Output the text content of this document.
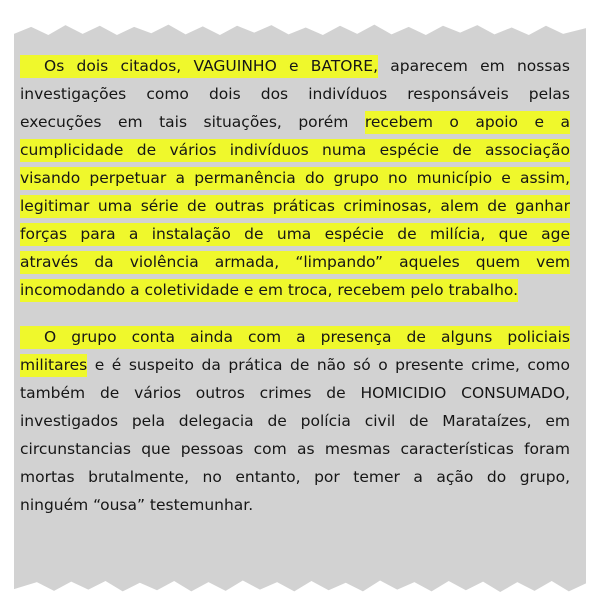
Os dois citados, VAGUINHO e BATORE, aparecem em nossas
investigações como dois dos indivíduos responsáveis pelas
execuções em tais situações, porém recebem o apoio e a
cumplicidade de vários indivíduos numa espécie de associação
visando perpetuar a permanência do grupo no município e assim,
legitimar uma série de outras práticas criminosas, alem de ganhar
forças para a instalação de uma espécie de milícia, que age
através da violência armada, “limpando” aqueles quem vem
incomodando a coletividade e em troca, recebem pelo trabalho.
O grupo conta ainda com a presença de alguns policiais
militares e é suspeito da prática de não só o presente crime, como
também de vários outros crimes de HOMICIDIO CONSUMADO,
investigados pela delegacia de polícia civil de Marataízes, em
circunstancias que pessoas com as mesmas características foram
mortas brutalmente, no entanto, por temer a ação do grupo,
ninguém “ousa” testemunhar.
